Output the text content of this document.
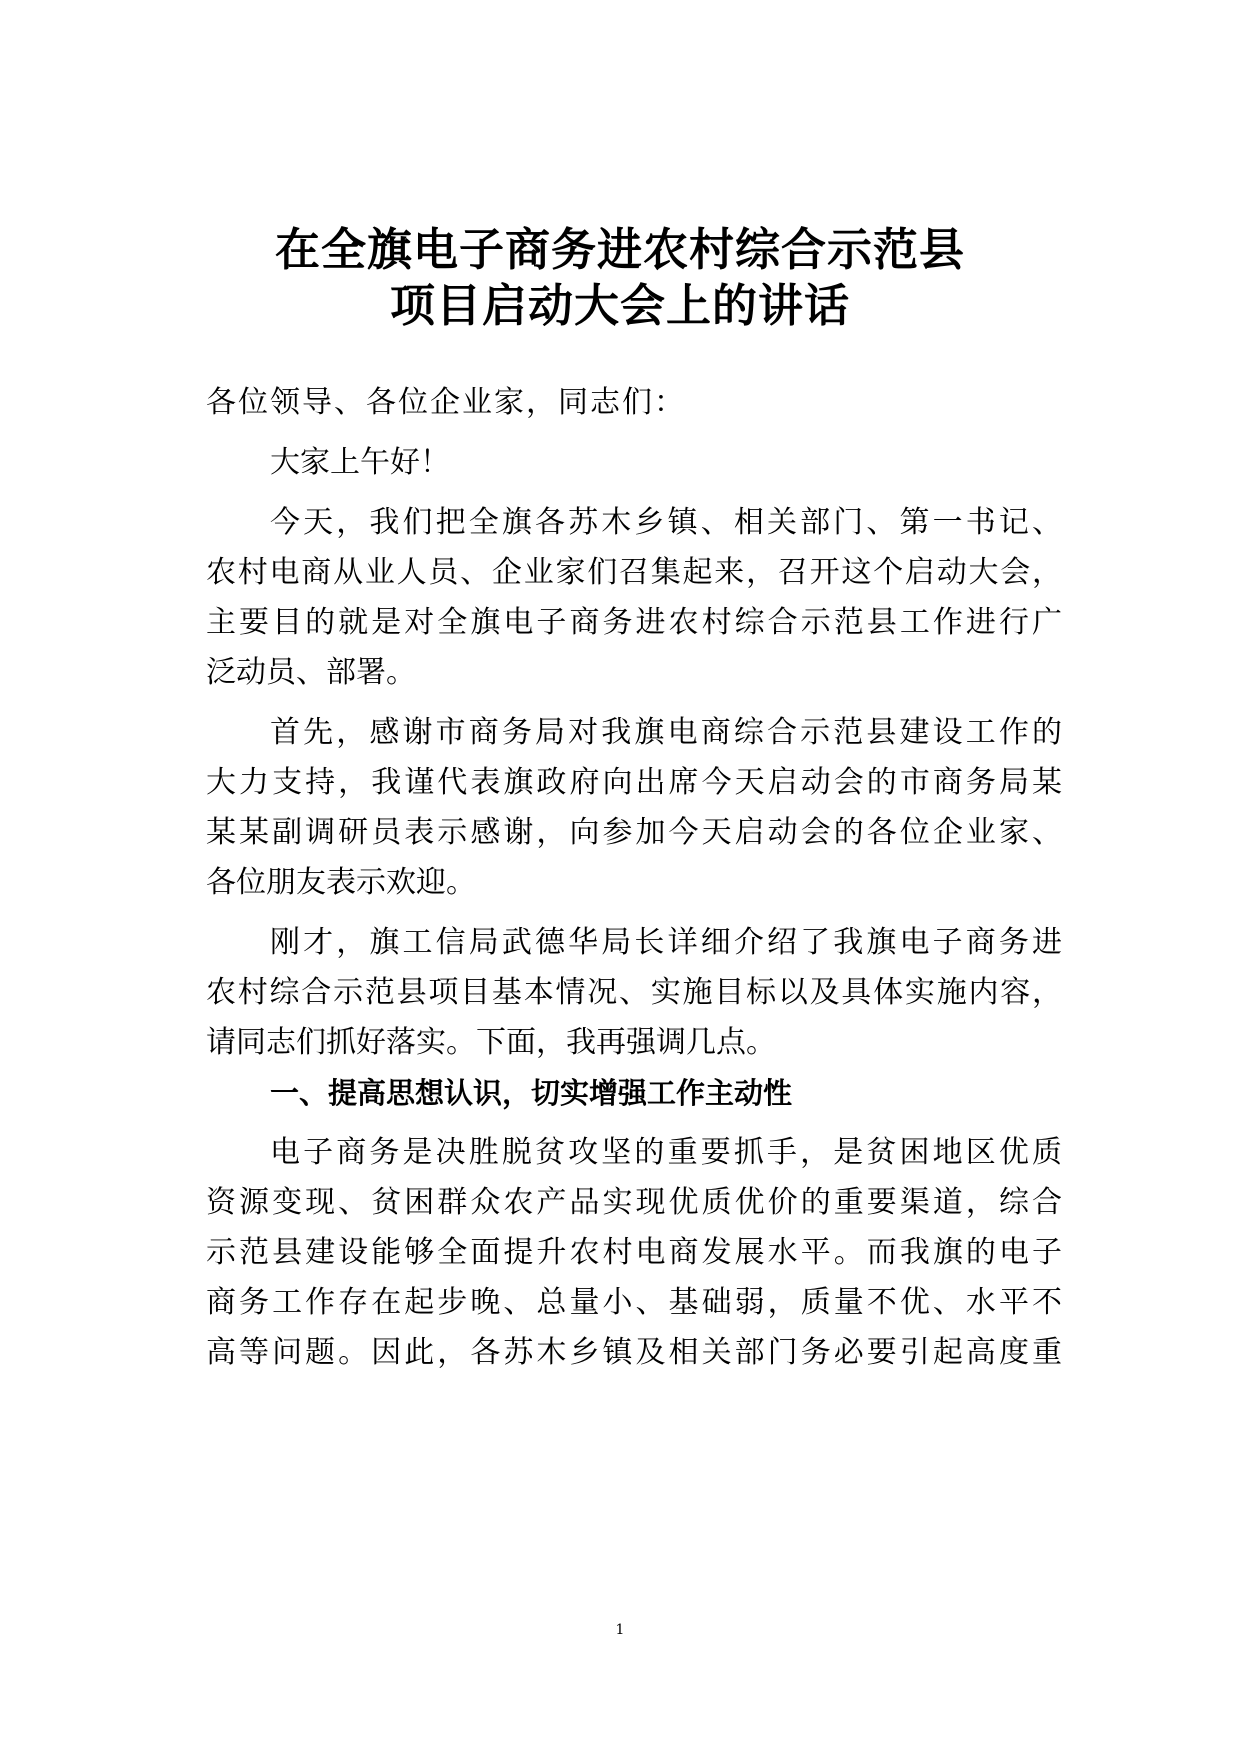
在全旗电子商务进农村综合示范县
项目启动大会上的讲话
各位领导、各位企业家，同志们：
大家上午好！
今天，我们把全旗各苏木乡镇、相关部门、第一书记、
农村电商从业人员、企业家们召集起来，召开这个启动大会，
主要目的就是对全旗电子商务进农村综合示范县工作进行广
泛动员、部署。
首先，感谢市商务局对我旗电商综合示范县建设工作的
大力支持，我谨代表旗政府向出席今天启动会的市商务局某
某某副调研员表示感谢，向参加今天启动会的各位企业家、
各位朋友表示欢迎。
刚才，旗工信局武德华局长详细介绍了我旗电子商务进
农村综合示范县项目基本情况、实施目标以及具体实施内容，
请同志们抓好落实。下面，我再强调几点。
一、提高思想认识，切实增强工作主动性
电子商务是决胜脱贫攻坚的重要抓手，是贫困地区优质
资源变现、贫困群众农产品实现优质优价的重要渠道，综合
示范县建设能够全面提升农村电商发展水平。而我旗的电子
商务工作存在起步晚、总量小、基础弱，质量不优、水平不
高等问题。因此，各苏木乡镇及相关部门务必要引起高度重
1
